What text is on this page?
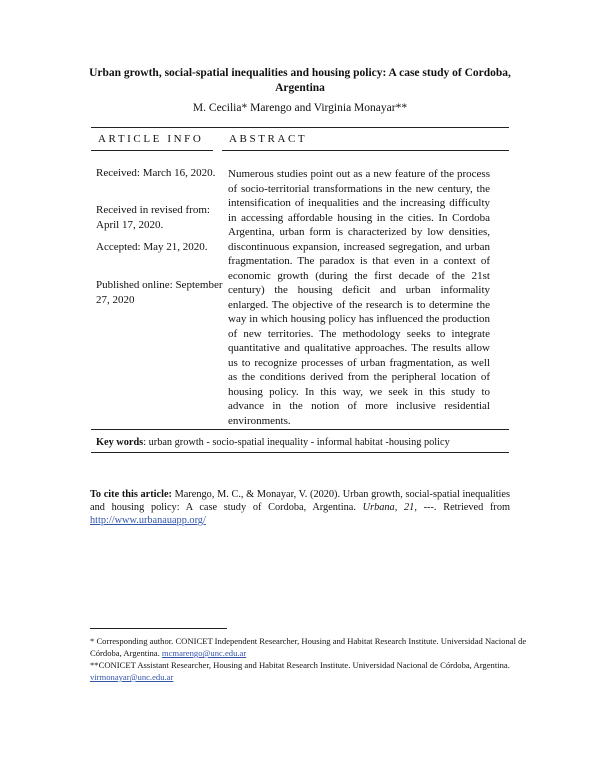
Urban growth, social-spatial inequalities and housing policy: A case study of Cordoba,
Argentina
M. Cecilia* Marengo and Virginia Monayar**
ARTICLE INFO ABSTRACT
Received: March 16, 2020.
Received in revised from: April 17, 2020.
Accepted: May 21, 2020.
Published online: September 27, 2020
Numerous studies point out as a new feature of the process of socio-territorial transformations in the new century, the intensification of inequalities and the increasing difficulty in accessing affordable housing in the cities. In Cordoba Argentina, urban form is characterized by low densities, discontinuous expansion, increased segregation, and urban fragmentation. The paradox is that even in a context of economic growth (during the first decade of the 21st century) the housing deficit and urban informality enlarged. The objective of the research is to determine the way in which housing policy has influenced the production of new territories. The methodology seeks to integrate quantitative and qualitative approaches. The results allow us to recognize processes of urban fragmentation, as well as the conditions derived from the peripheral location of housing policy. In this way, we seek in this study to advance in the notion of more inclusive residential environments.
Key words: urban growth - socio-spatial inequality - informal habitat -housing policy
To cite this article: Marengo, M. C., & Monayar, V. (2020). Urban growth, social-spatial inequalities and housing policy: A case study of Cordoba, Argentina. Urbana, 21, ---. Retrieved from http://www.urbanauapp.org/
* Corresponding author. CONICET Independent Researcher, Housing and Habitat Research Institute. Universidad Nacional de Córdoba, Argentina. mcmarengo@unc.edu.ar
**CONICET Assistant Researcher, Housing and Habitat Research Institute. Universidad Nacional de Córdoba, Argentina. virmonayar@unc.edu.ar
